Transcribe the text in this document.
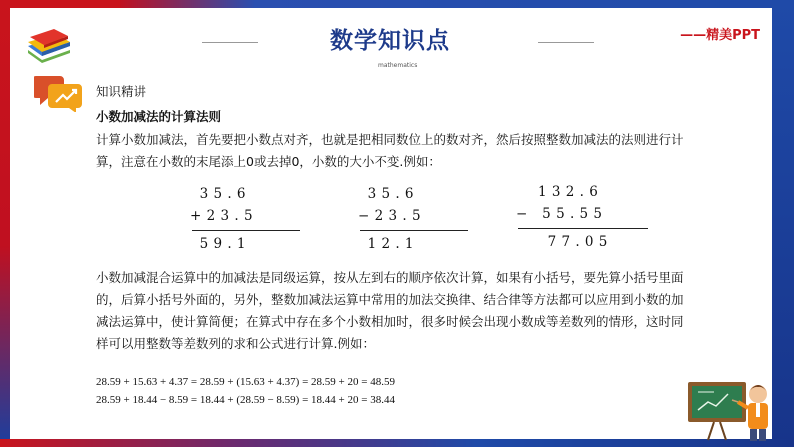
数学知识点
mathematics
——精美PPT
知识精讲
小数加减法的计算法则
计算小数加减法，首先要把小数点对齐，也就是把相同数位上的数对齐，然后按照整数加减法的法则进行计
算，注意在小数的末尾添上0或去掉0，小数的大小不变.例如：
3 5 . 6
+ 2 3 . 5
5 9 . 1
3 5 . 6
− 2 3 . 5
1 2 . 1
1 3 2 . 6
−   5 5 . 5 5
7 7 . 0 5
小数加减混合运算中的加减法是同级运算，按从左到右的顺序依次计算，如果有小括号，要先算小括号里面
的，后算小括号外面的，另外，整数加减法运算中常用的加法交换律、结合律等方法都可以应用到小数的加
减法运算中，使计算简便；在算式中存在多个小数相加时，很多时候会出现小数成等差数列的情形，这时同
样可以用整数等差数列的求和公式进行计算.例如：
28.59 + 15.63 + 4.37 = 28.59 + (15.63 + 4.37) = 28.59 + 20 = 48.59
28.59 + 18.44 − 8.59 = 18.44 + (28.59 − 8.59) = 18.44 + 20 = 38.44
